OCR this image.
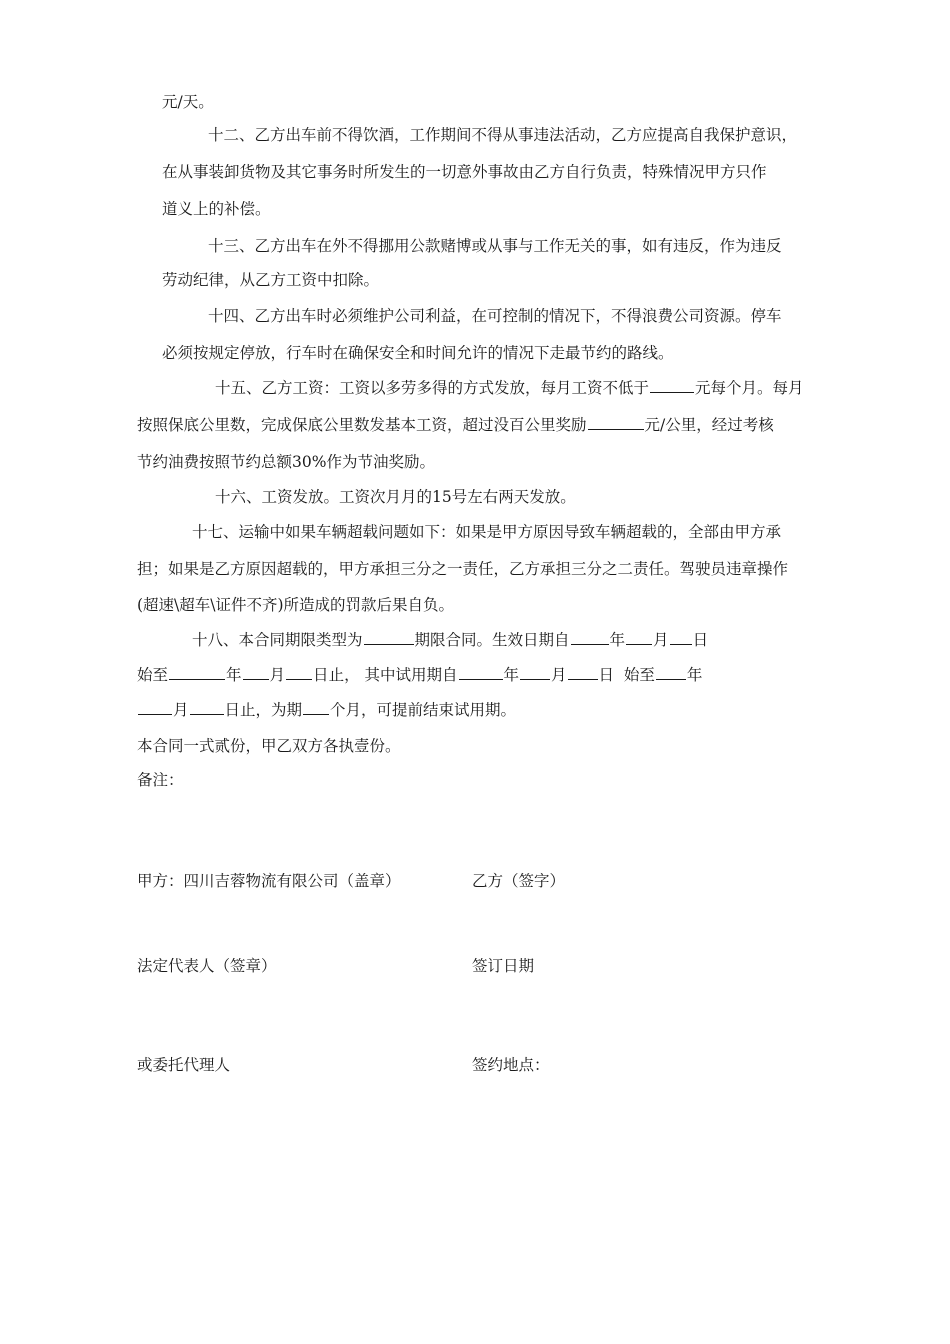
元/天。
十二、乙方出车前不得饮酒，工作期间不得从事违法活动，乙方应提高自我保护意识，
在从事装卸货物及其它事务时所发生的一切意外事故由乙方自行负责，特殊情况甲方只作
道义上的补偿。
十三、乙方出车在外不得挪用公款赌博或从事与工作无关的事，如有违反，作为违反
劳动纪律，从乙方工资中扣除。
十四、乙方出车时必须维护公司利益，在可控制的情况下，不得浪费公司资源。停车
必须按规定停放，行车时在确保安全和时间允许的情况下走最节约的路线。
十五、乙方工资：工资以多劳多得的方式发放，每月工资不低于	元每个月。每月
按照保底公里数，完成保底公里数发基本工资，超过没百公里奖励	元/公里，经过考核
节约油费按照节约总额30%作为节油奖励。
十六、工资发放。工资次月月的15号左右两天发放。
十七、运输中如果车辆超载问题如下：如果是甲方原因导致车辆超载的，全部由甲方承
担；如果是乙方原因超载的，甲方承担三分之一责任，乙方承担三分之二责任。驾驶员违章操作
(超速\超车\证件不齐)所造成的罚款后果自负。
十八、本合同期限类型为	期限合同。生效日期自	年 月 日
始至	年 月 日止， 其中试用期自	年 月 日 始至 年
月 日止，为期 个月，可提前结束试用期。
本合同一式贰份，甲乙双方各执壹份。
备注：
甲方：四川吉蓉物流有限公司（盖章）	乙方（签字）
法定代表人（签章）	签订日期
或委托代理人	签约地点：
